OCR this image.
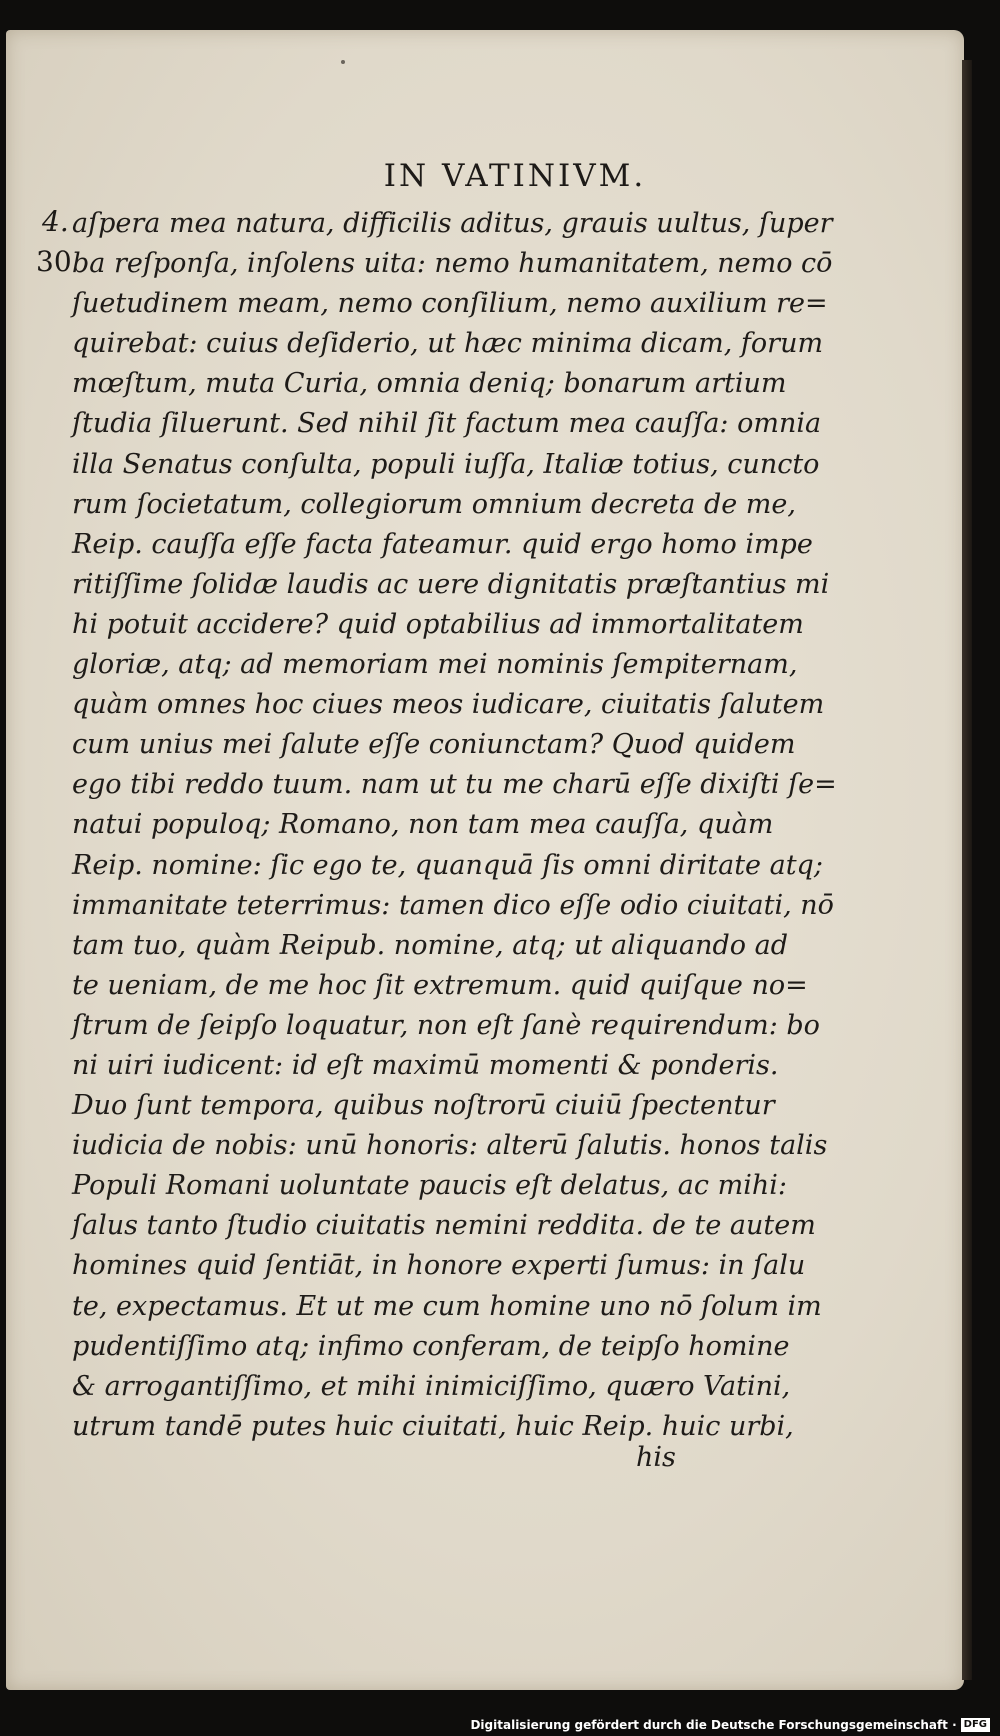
IN VATINIVM.
4.
30
aſpera mea natura, difficilis aditus, grauis uultus, ſuper
ba reſponſa, inſolens uita: nemo humanitatem, nemo cō
ſuetudinem meam, nemo conſilium, nemo auxilium re=
quirebat: cuius deſiderio, ut hæc minima dicam, forum
mœſtum, muta Curia, omnia deniq; bonarum artium
ſtudia ſiluerunt. Sed nihil ſit factum mea cauſſa: omnia
illa Senatus conſulta, populi iuſſa, Italiæ totius, cuncto
rum ſocietatum, collegiorum omnium decreta de me,
Reip. cauſſa eſſe facta fateamur. quid ergo homo impe
ritiſſime ſolidæ laudis ac uere dignitatis præſtantius mi
hi potuit accidere? quid optabilius ad immortalitatem
gloriæ, atq; ad memoriam mei nominis ſempiternam,
quàm omnes hoc ciues meos iudicare, ciuitatis ſalutem
cum unius mei ſalute eſſe coniunctam? Quod quidem
ego tibi reddo tuum. nam ut tu me charū eſſe dixiſti ſe=
natui populoq; Romano, non tam mea cauſſa, quàm
Reip. nomine: ſic ego te, quanquā ſis omni diritate atq;
immanitate teterrimus: tamen dico eſſe odio ciuitati, nō
tam tuo, quàm Reipub. nomine, atq; ut aliquando ad
te ueniam, de me hoc ſit extremum. quid quiſque no=
ſtrum de ſeipſo loquatur, non eſt ſanè requirendum: bo
ni uiri iudicent: id eſt maximū momenti & ponderis.
Duo ſunt tempora, quibus noſtrorū ciuiū ſpectentur
iudicia de nobis: unū honoris: alterū ſalutis. honos talis
Populi Romani uoluntate paucis eſt delatus, ac mihi:
ſalus tanto ſtudio ciuitatis nemini reddita. de te autem
homines quid ſentiāt, in honore experti ſumus: in ſalu
te, expectamus. Et ut me cum homine uno nō ſolum im
pudentiſſimo atq; infimo conferam, de teipſo homine
& arrogantiſſimo, et mihi inimiciſſimo, quæro Vatini,
utrum tandē putes huic ciuitati, huic Reip. huic urbi,
his
Digitalisierung gefördert durch die Deutsche Forschungsgemeinschaft · DFG
